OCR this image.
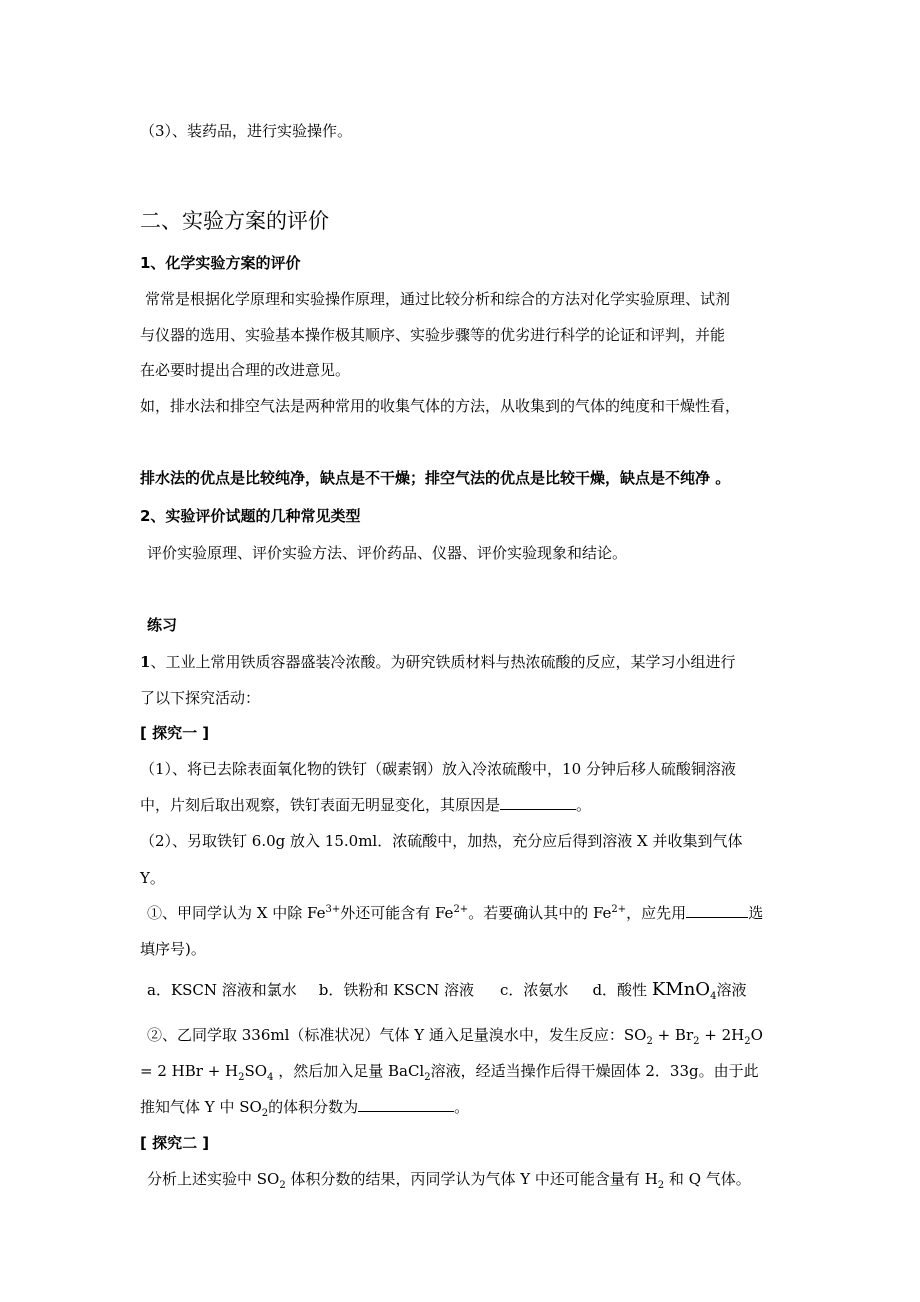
（3）、装药品，进行实验操作。
二、实验方案的评价
1、化学实验方案的评价
常常是根据化学原理和实验操作原理，通过比较分析和综合的方法对化学实验原理、试剂
与仪器的选用、实验基本操作极其顺序、实验步骤等的优劣进行科学的论证和评判，并能
在必要时提出合理的改进意见。
如，排水法和排空气法是两种常用的收集气体的方法，从收集到的气体的纯度和干燥性看，
排水法的优点是比较纯净，缺点是不干燥；排空气法的优点是比较干燥，缺点是不纯净 。
2、实验评价试题的几种常见类型
评价实验原理、评价实验方法、评价药品、仪器、评价实验现象和结论。
练习
1、工业上常用铁质容器盛装冷浓酸。为研究铁质材料与热浓硫酸的反应，某学习小组进行
了以下探究活动：
[ 探究一 ]
（1）、将已去除表面氧化物的铁钉（碳素钢）放入冷浓硫酸中，10 分钟后移人硫酸铜溶液
中，片刻后取出观察，铁钉表面无明显变化，其原因是	。
（2）、另取铁钉 6.0g 放入 15.0ml．浓硫酸中，加热，充分应后得到溶液 X 并收集到气体
Y。
①、甲同学认为 X 中除 $Fe^{3+}$外还可能含有 $Fe^{2+}$。若要确认其中的 $Fe^{2+}$，应先用	选
填序号)。
a．KSCN 溶液和氯水 b．铁粉和 KSCN 溶液 c．浓氨水 d．酸性 KMnO$_4$溶液
②、乙同学取 336ml（标准状况）气体 Y 通入足量溴水中，发生反应：$SO_2 + Br_2 + 2H_2O$
= 2 HBr + $H_2SO_4$ ，然后加入足量 BaCl$_2$溶液，经适当操作后得干燥固体 2．33g。由于此
推知气体 Y 中 $SO_2$的体积分数为	。
[ 探究二 ]
分析上述实验中 $SO_2$ 体积分数的结果，丙同学认为气体 Y 中还可能含量有 $H_2$ 和 Q 气体。
